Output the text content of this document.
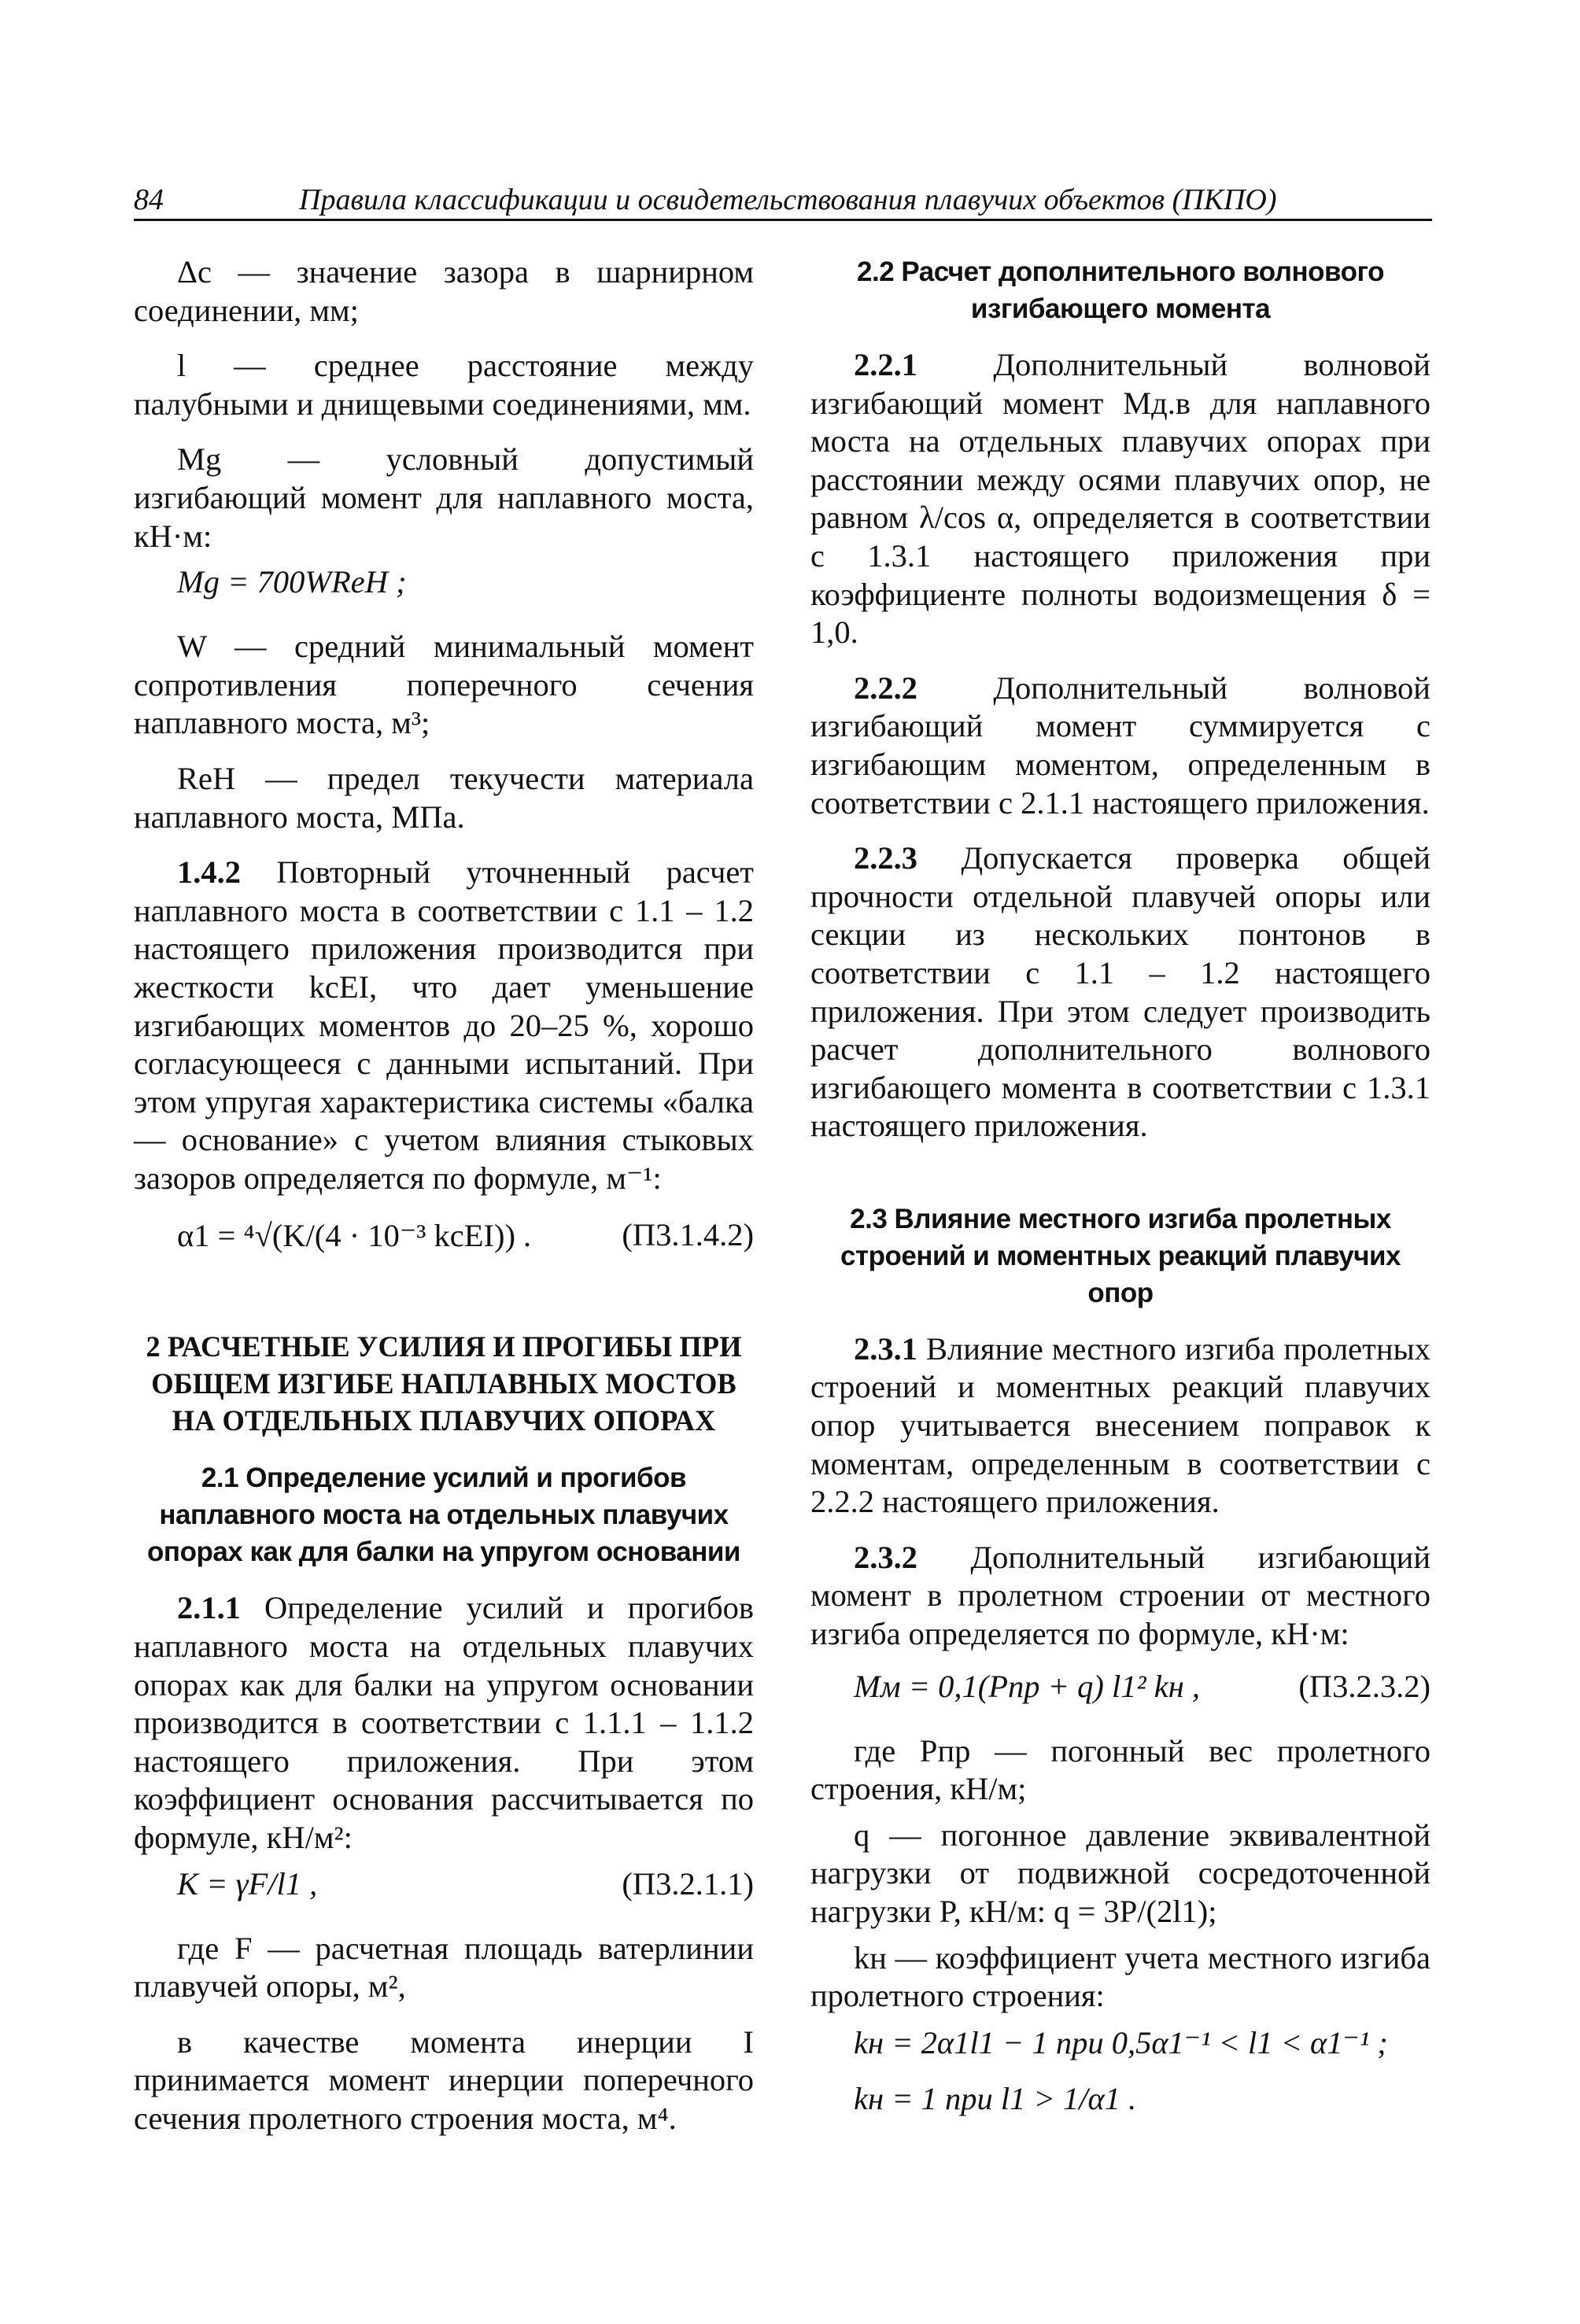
84	Правила классификации и освидетельствования плавучих объектов (ПКПО)

Δс — значение зазора в шарнирном соединении, мм;

l — среднее расстояние между палубными и днищевыми соединениями, мм.

Mg — условный допустимый изгибающий момент для наплавного моста, кН·м:

Mg = 700WReH ;

W — средний минимальный момент сопротивления поперечного сечения наплавного моста, м³;

ReH — предел текучести материала наплавного моста, МПа.

1.4.2 Повторный уточненный расчет наплавного моста в соответствии с 1.1 – 1.2 настоящего приложения производится при жесткости kcEI, что дает уменьшение изгибающих моментов до 20–25 %, хорошо согласующееся с данными испытаний. При этом упругая характеристика системы «балка — основание» с учетом влияния стыковых зазоров определяется по формуле, м⁻¹:

α1 = ⁴√(K/(4 · 10⁻³ kcEI)) .	(П3.1.4.2)
2 РАСЧЕТНЫЕ УСИЛИЯ И ПРОГИБЫ ПРИ ОБЩЕМ ИЗГИБЕ НАПЛАВНЫХ МОСТОВ НА ОТДЕЛЬНЫХ ПЛАВУЧИХ ОПОРАХ
2.1 Определение усилий и прогибов наплавного моста на отдельных плавучих опорах как для балки на упругом основании

2.1.1 Определение усилий и прогибов наплавного моста на отдельных плавучих опорах как для балки на упругом основании производится в соответствии с 1.1.1 – 1.1.2 настоящего приложения. При этом коэффициент основания рассчитывается по формуле, кН/м²:

K = γF/l1 ,	(П3.2.1.1)

где F — расчетная площадь ватерлинии плавучей опоры, м²,

в качестве момента инерции I принимается момент инерции поперечного сечения пролетного строения моста, м⁴.

2.2 Расчет дополнительного волнового изгибающего момента

2.2.1 Дополнительный волновой изгибающий момент Mд.в для наплавного моста на отдельных плавучих опорах при расстоянии между осями плавучих опор, не равном λ/cos α, определяется в соответствии с 1.3.1 настоящего приложения при коэффициенте полноты водоизмещения δ = 1,0.

2.2.2 Дополнительный волновой изгибающий момент суммируется с изгибающим моментом, определенным в соответствии с 2.1.1 настоящего приложения.

2.2.3 Допускается проверка общей прочности отдельной плавучей опоры или секции из нескольких понтонов в соответствии с 1.1 – 1.2 настоящего приложения. При этом следует производить расчет дополнительного волнового изгибающего момента в соответствии с 1.3.1 настоящего приложения.

2.3 Влияние местного изгиба пролетных строений и моментных реакций плавучих опор

2.3.1 Влияние местного изгиба пролетных строений и моментных реакций плавучих опор учитывается внесением поправок к моментам, определенным в соответствии с 2.2.2 настоящего приложения.

2.3.2 Дополнительный изгибающий момент в пролетном строении от местного изгиба определяется по формуле, кН·м:

Mм = 0,1(Pпр + q) l1² kн ,	(П3.2.3.2)

где Pпр — погонный вес пролетного строения, кН/м;

q — погонное давление эквивалентной нагрузки от подвижной сосредоточенной нагрузки P, кН/м: q = 3P/(2l1);

kн — коэффициент учета местного изгиба пролетного строения:

kн = 2α1l1 − 1 при 0,5α1⁻¹ < l1 < α1⁻¹ ;
kн = 1 при l1 > 1/α1 .
